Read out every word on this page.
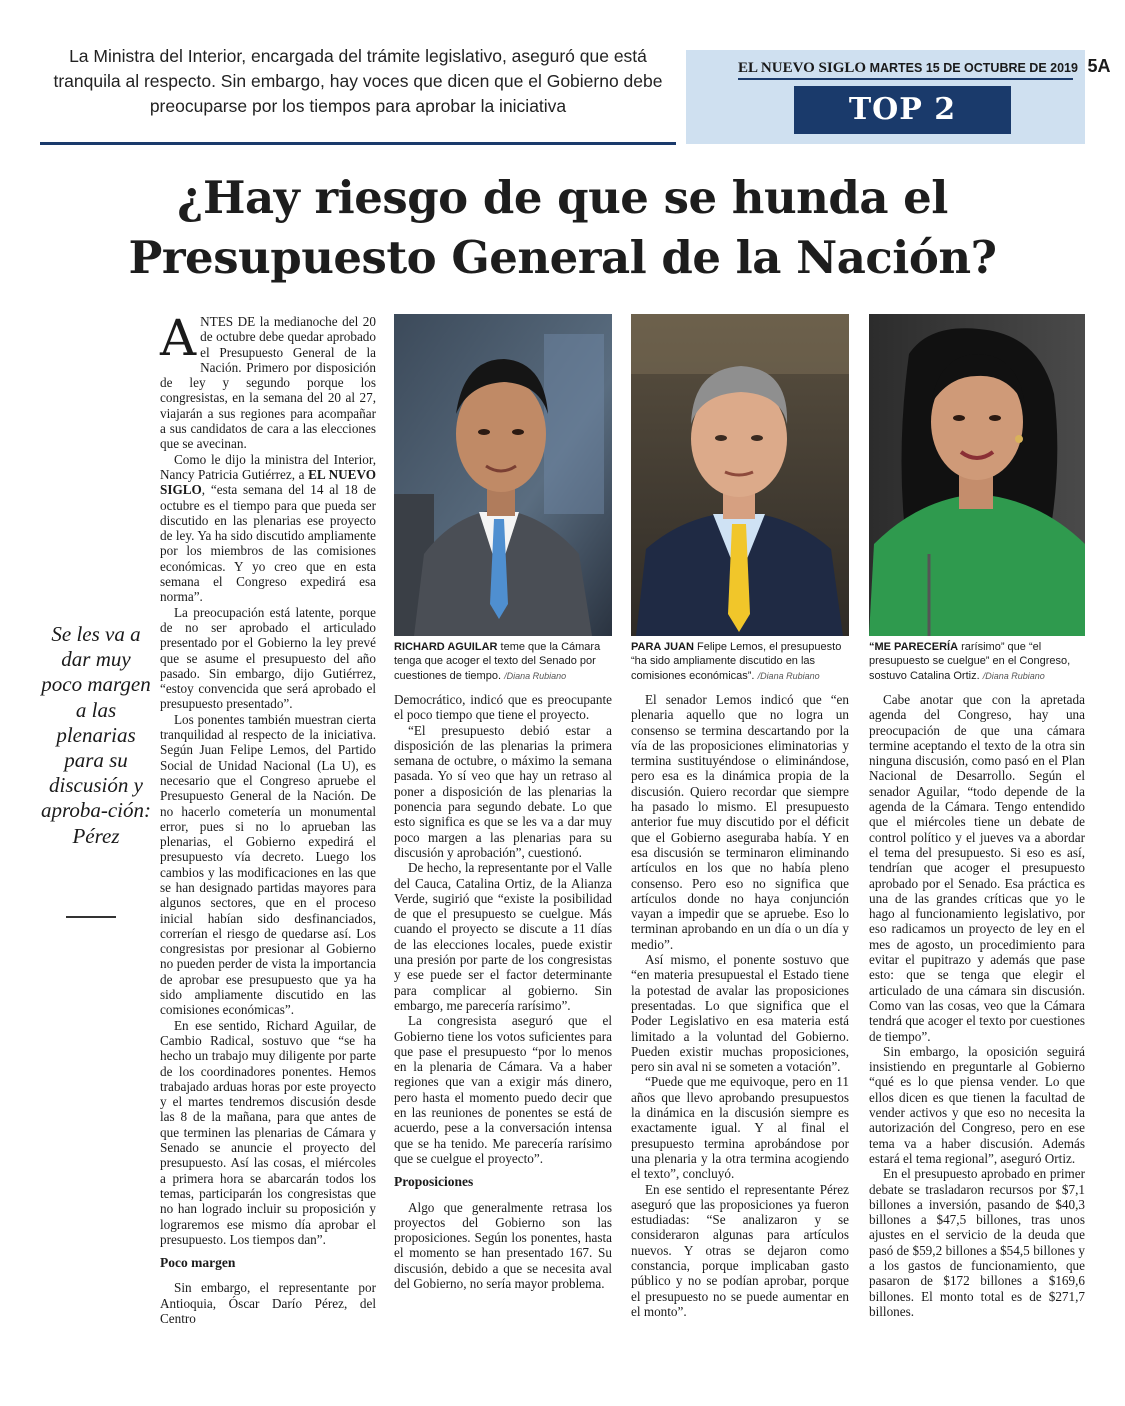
La Ministra del Interior, encargada del trámite legislativo, aseguró que está tranquila al respecto. Sin embargo, hay voces que dicen que el Gobierno debe preocuparse por los tiempos para aprobar la iniciativa
EL NUEVO SIGLO MARTES 15 DE OCTUBRE DE 2019 5A
TOP 2
¿Hay riesgo de que se hunda el
Presupuesto General de la Nación?
Se les va a dar muy poco margen a las plenarias para su discusión y aproba-ción: Pérez

ANTES DE la medianoche del 20 de octubre debe quedar aprobado el Presupuesto General de la Nación. Primero por disposición de ley y segundo porque los congresistas, en la semana del 20 al 27, viajarán a sus regiones para acompañar a sus candidatos de cara a las elecciones que se avecinan.

Como le dijo la ministra del Interior, Nancy Patricia Gutiérrez, a EL NUEVO SIGLO, “esta semana del 14 al 18 de octubre es el tiempo para que pueda ser discutido en las plenarias ese proyecto de ley. Ya ha sido discutido ampliamente por los miembros de las comisiones económicas. Y yo creo que en esta semana el Congreso expedirá esa norma”.

La preocupación está latente, porque de no ser aprobado el articulado presentado por el Gobierno la ley prevé que se asume el presupuesto del año pasado. Sin embargo, dijo Gutiérrez, “estoy convencida que será aprobado el presupuesto presentado”.

Los ponentes también muestran cierta tranquilidad al respecto de la iniciativa. Según Juan Felipe Lemos, del Partido Social de Unidad Nacional (La U), es necesario que el Congreso apruebe el Presupuesto General de la Nación. De no hacerlo cometería un monumental error, pues si no lo aprueban las plenarias, el Gobierno expedirá el presupuesto vía decreto. Luego los cambios y las modificaciones en las que se han designado partidas mayores para algunos sectores, que en el proceso inicial habían sido desfinanciados, correrían el riesgo de quedarse así. Los congresistas por presionar al Gobierno no pueden perder de vista la importancia de aprobar ese presupuesto que ya ha sido ampliamente discutido en las comisiones económicas”.

En ese sentido, Richard Aguilar, de Cambio Radical, sostuvo que “se ha hecho un trabajo muy diligente por parte de los coordinadores ponentes. Hemos trabajado arduas horas por este proyecto y el martes tendremos discusión desde las 8 de la mañana, para que antes de que terminen las plenarias de Cámara y Senado se anuncie el proyecto del presupuesto. Así las cosas, el miércoles a primera hora se abarcarán todos los temas, participarán los congresistas que no han logrado incluir su proposición y lograremos ese mismo día aprobar el presupuesto. Los tiempos dan”.

Poco margen

Sin embargo, el representante por Antioquia, Óscar Darío Pérez, del Centro

RICHARD AGUILAR teme que la Cámara tenga que acoger el texto del Senado por cuestiones de tiempo. /Diana Rubiano
PARA JUAN Felipe Lemos, el presupuesto “ha sido ampliamente discutido en las comisiones económicas”. /Diana Rubiano
“ME PARECERÍA rarísimo” que “el presupuesto se cuelgue” en el Congreso, sostuvo Catalina Ortiz. /Diana Rubiano

Democrático, indicó que es preocupante el poco tiempo que tiene el proyecto.

“El presupuesto debió estar a disposición de las plenarias la primera semana de octubre, o máximo la semana pasada. Yo sí veo que hay un retraso al poner a disposición de las plenarias la ponencia para segundo debate. Lo que esto significa es que se les va a dar muy poco margen a las plenarias para su discusión y aprobación”, cuestionó.

De hecho, la representante por el Valle del Cauca, Catalina Ortiz, de la Alianza Verde, sugirió que “existe la posibilidad de que el presupuesto se cuelgue. Más cuando el proyecto se discute a 11 días de las elecciones locales, puede existir una presión por parte de los congresistas y ese puede ser el factor determinante para complicar al gobierno. Sin embargo, me parecería rarísimo”.

La congresista aseguró que el Gobierno tiene los votos suficientes para que pase el presupuesto “por lo menos en la plenaria de Cámara. Va a haber regiones que van a exigir más dinero, pero hasta el momento puedo decir que en las reuniones de ponentes se está de acuerdo, pese a la conversación intensa que se ha tenido. Me parecería rarísimo que se cuelgue el proyecto”.

Proposiciones

Algo que generalmente retrasa los proyectos del Gobierno son las proposiciones. Según los ponentes, hasta el momento se han presentado 167. Su discusión, debido a que se necesita aval del Gobierno, no sería mayor problema.

El senador Lemos indicó que “en plenaria aquello que no logra un consenso se termina descartando por la vía de las proposiciones eliminatorias y termina sustituyéndose o eliminándose, pero esa es la dinámica propia de la discusión. Quiero recordar que siempre ha pasado lo mismo. El presupuesto anterior fue muy discutido por el déficit que el Gobierno aseguraba había. Y en esa discusión se terminaron eliminando artículos en los que no había pleno consenso. Pero eso no significa que artículos donde no haya conjunción vayan a impedir que se apruebe. Eso lo terminan aprobando en un día o un día y medio”.

Así mismo, el ponente sostuvo que “en materia presupuestal el Estado tiene la potestad de avalar las proposiciones presentadas. Lo que significa que el Poder Legislativo en esa materia está limitado a la voluntad del Gobierno. Pueden existir muchas proposiciones, pero sin aval ni se someten a votación”.

“Puede que me equivoque, pero en 11 años que llevo aprobando presupuestos la dinámica en la discusión siempre es exactamente igual. Y al final el presupuesto termina aprobándose por una plenaria y la otra termina acogiendo el texto”, concluyó.

En ese sentido el representante Pérez aseguró que las proposiciones ya fueron estudiadas: “Se analizaron y se consideraron algunas para artículos nuevos. Y otras se dejaron como constancia, porque implicaban gasto público y no se podían aprobar, porque el presupuesto no se puede aumentar en el monto”.

Cabe anotar que con la apretada agenda del Congreso, hay una preocupación de que una cámara termine aceptando el texto de la otra sin ninguna discusión, como pasó en el Plan Nacional de Desarrollo. Según el senador Aguilar, “todo depende de la agenda de la Cámara. Tengo entendido que el miércoles tiene un debate de control político y el jueves va a abordar el tema del presupuesto. Si eso es así, tendrían que acoger el presupuesto aprobado por el Senado. Esa práctica es una de las grandes críticas que yo le hago al funcionamiento legislativo, por eso radicamos un proyecto de ley en el mes de agosto, un procedimiento para evitar el pupitrazo y además que pase esto: que se tenga que elegir el articulado de una cámara sin discusión. Como van las cosas, veo que la Cámara tendrá que acoger el texto por cuestiones de tiempo”.

Sin embargo, la oposición seguirá insistiendo en preguntarle al Gobierno “qué es lo que piensa vender. Lo que ellos dicen es que tienen la facultad de vender activos y que eso no necesita la autorización del Congreso, pero en ese tema va a haber discusión. Además estará el tema regional”, aseguró Ortiz.

En el presupuesto aprobado en primer debate se trasladaron recursos por $7,1 billones a inversión, pasando de $40,3 billones a $47,5 billones, tras unos ajustes en el servicio de la deuda que pasó de $59,2 billones a $54,5 billones y a los gastos de funcionamiento, que pasaron de $172 billones a $169,6 billones. El monto total es de $271,7 billones.
